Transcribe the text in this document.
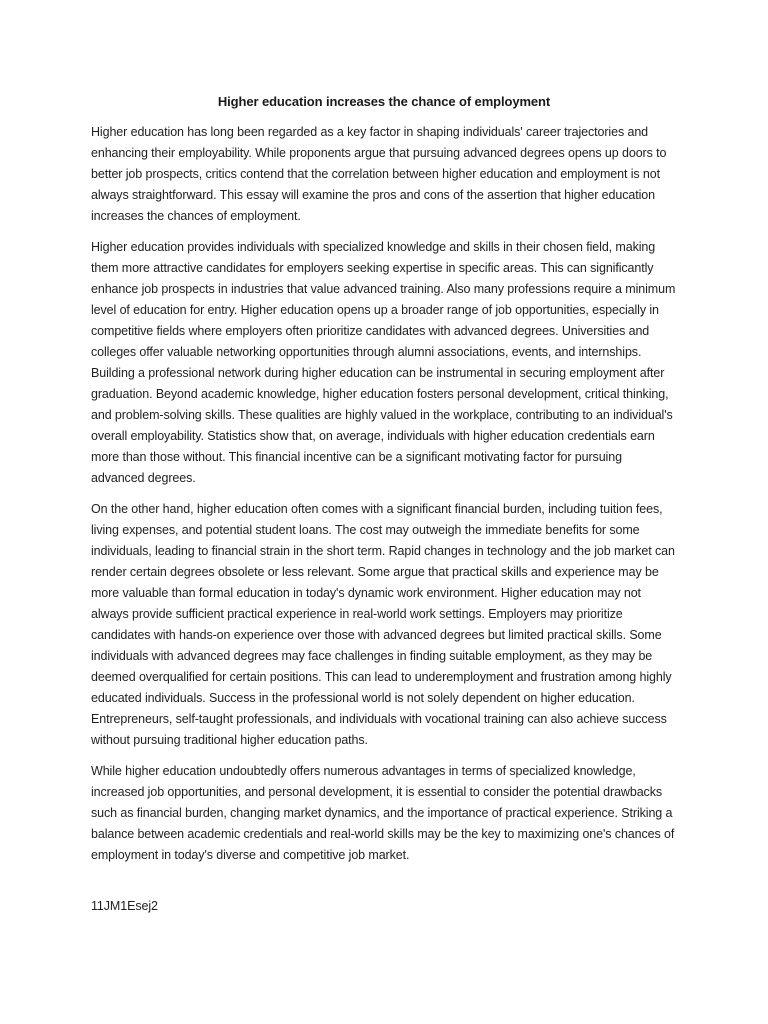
Higher education increases the chance of employment

Higher education has long been regarded as a key factor in shaping individuals' career trajectories and enhancing their employability. While proponents argue that pursuing advanced degrees opens up doors to better job prospects, critics contend that the correlation between higher education and employment is not always straightforward. This essay will examine the pros and cons of the assertion that higher education increases the chances of employment.

Higher education provides individuals with specialized knowledge and skills in their chosen field, making them more attractive candidates for employers seeking expertise in specific areas. This can significantly enhance job prospects in industries that value advanced training. Also many professions require a minimum level of education for entry. Higher education opens up a broader range of job opportunities, especially in competitive fields where employers often prioritize candidates with advanced degrees. Universities and colleges offer valuable networking opportunities through alumni associations, events, and internships. Building a professional network during higher education can be instrumental in securing employment after graduation. Beyond academic knowledge, higher education fosters personal development, critical thinking, and problem-solving skills. These qualities are highly valued in the workplace, contributing to an individual's overall employability. Statistics show that, on average, individuals with higher education credentials earn more than those without. This financial incentive can be a significant motivating factor for pursuing advanced degrees.

On the other hand, higher education often comes with a significant financial burden, including tuition fees, living expenses, and potential student loans. The cost may outweigh the immediate benefits for some individuals, leading to financial strain in the short term. Rapid changes in technology and the job market can render certain degrees obsolete or less relevant. Some argue that practical skills and experience may be more valuable than formal education in today's dynamic work environment. Higher education may not always provide sufficient practical experience in real-world work settings. Employers may prioritize candidates with hands-on experience over those with advanced degrees but limited practical skills. Some individuals with advanced degrees may face challenges in finding suitable employment, as they may be deemed overqualified for certain positions. This can lead to underemployment and frustration among highly educated individuals. Success in the professional world is not solely dependent on higher education. Entrepreneurs, self-taught professionals, and individuals with vocational training can also achieve success without pursuing traditional higher education paths.

While higher education undoubtedly offers numerous advantages in terms of specialized knowledge, increased job opportunities, and personal development, it is essential to consider the potential drawbacks such as financial burden, changing market dynamics, and the importance of practical experience. Striking a balance between academic credentials and real-world skills may be the key to maximizing one's chances of employment in today's diverse and competitive job market.

11JM1Esej2
